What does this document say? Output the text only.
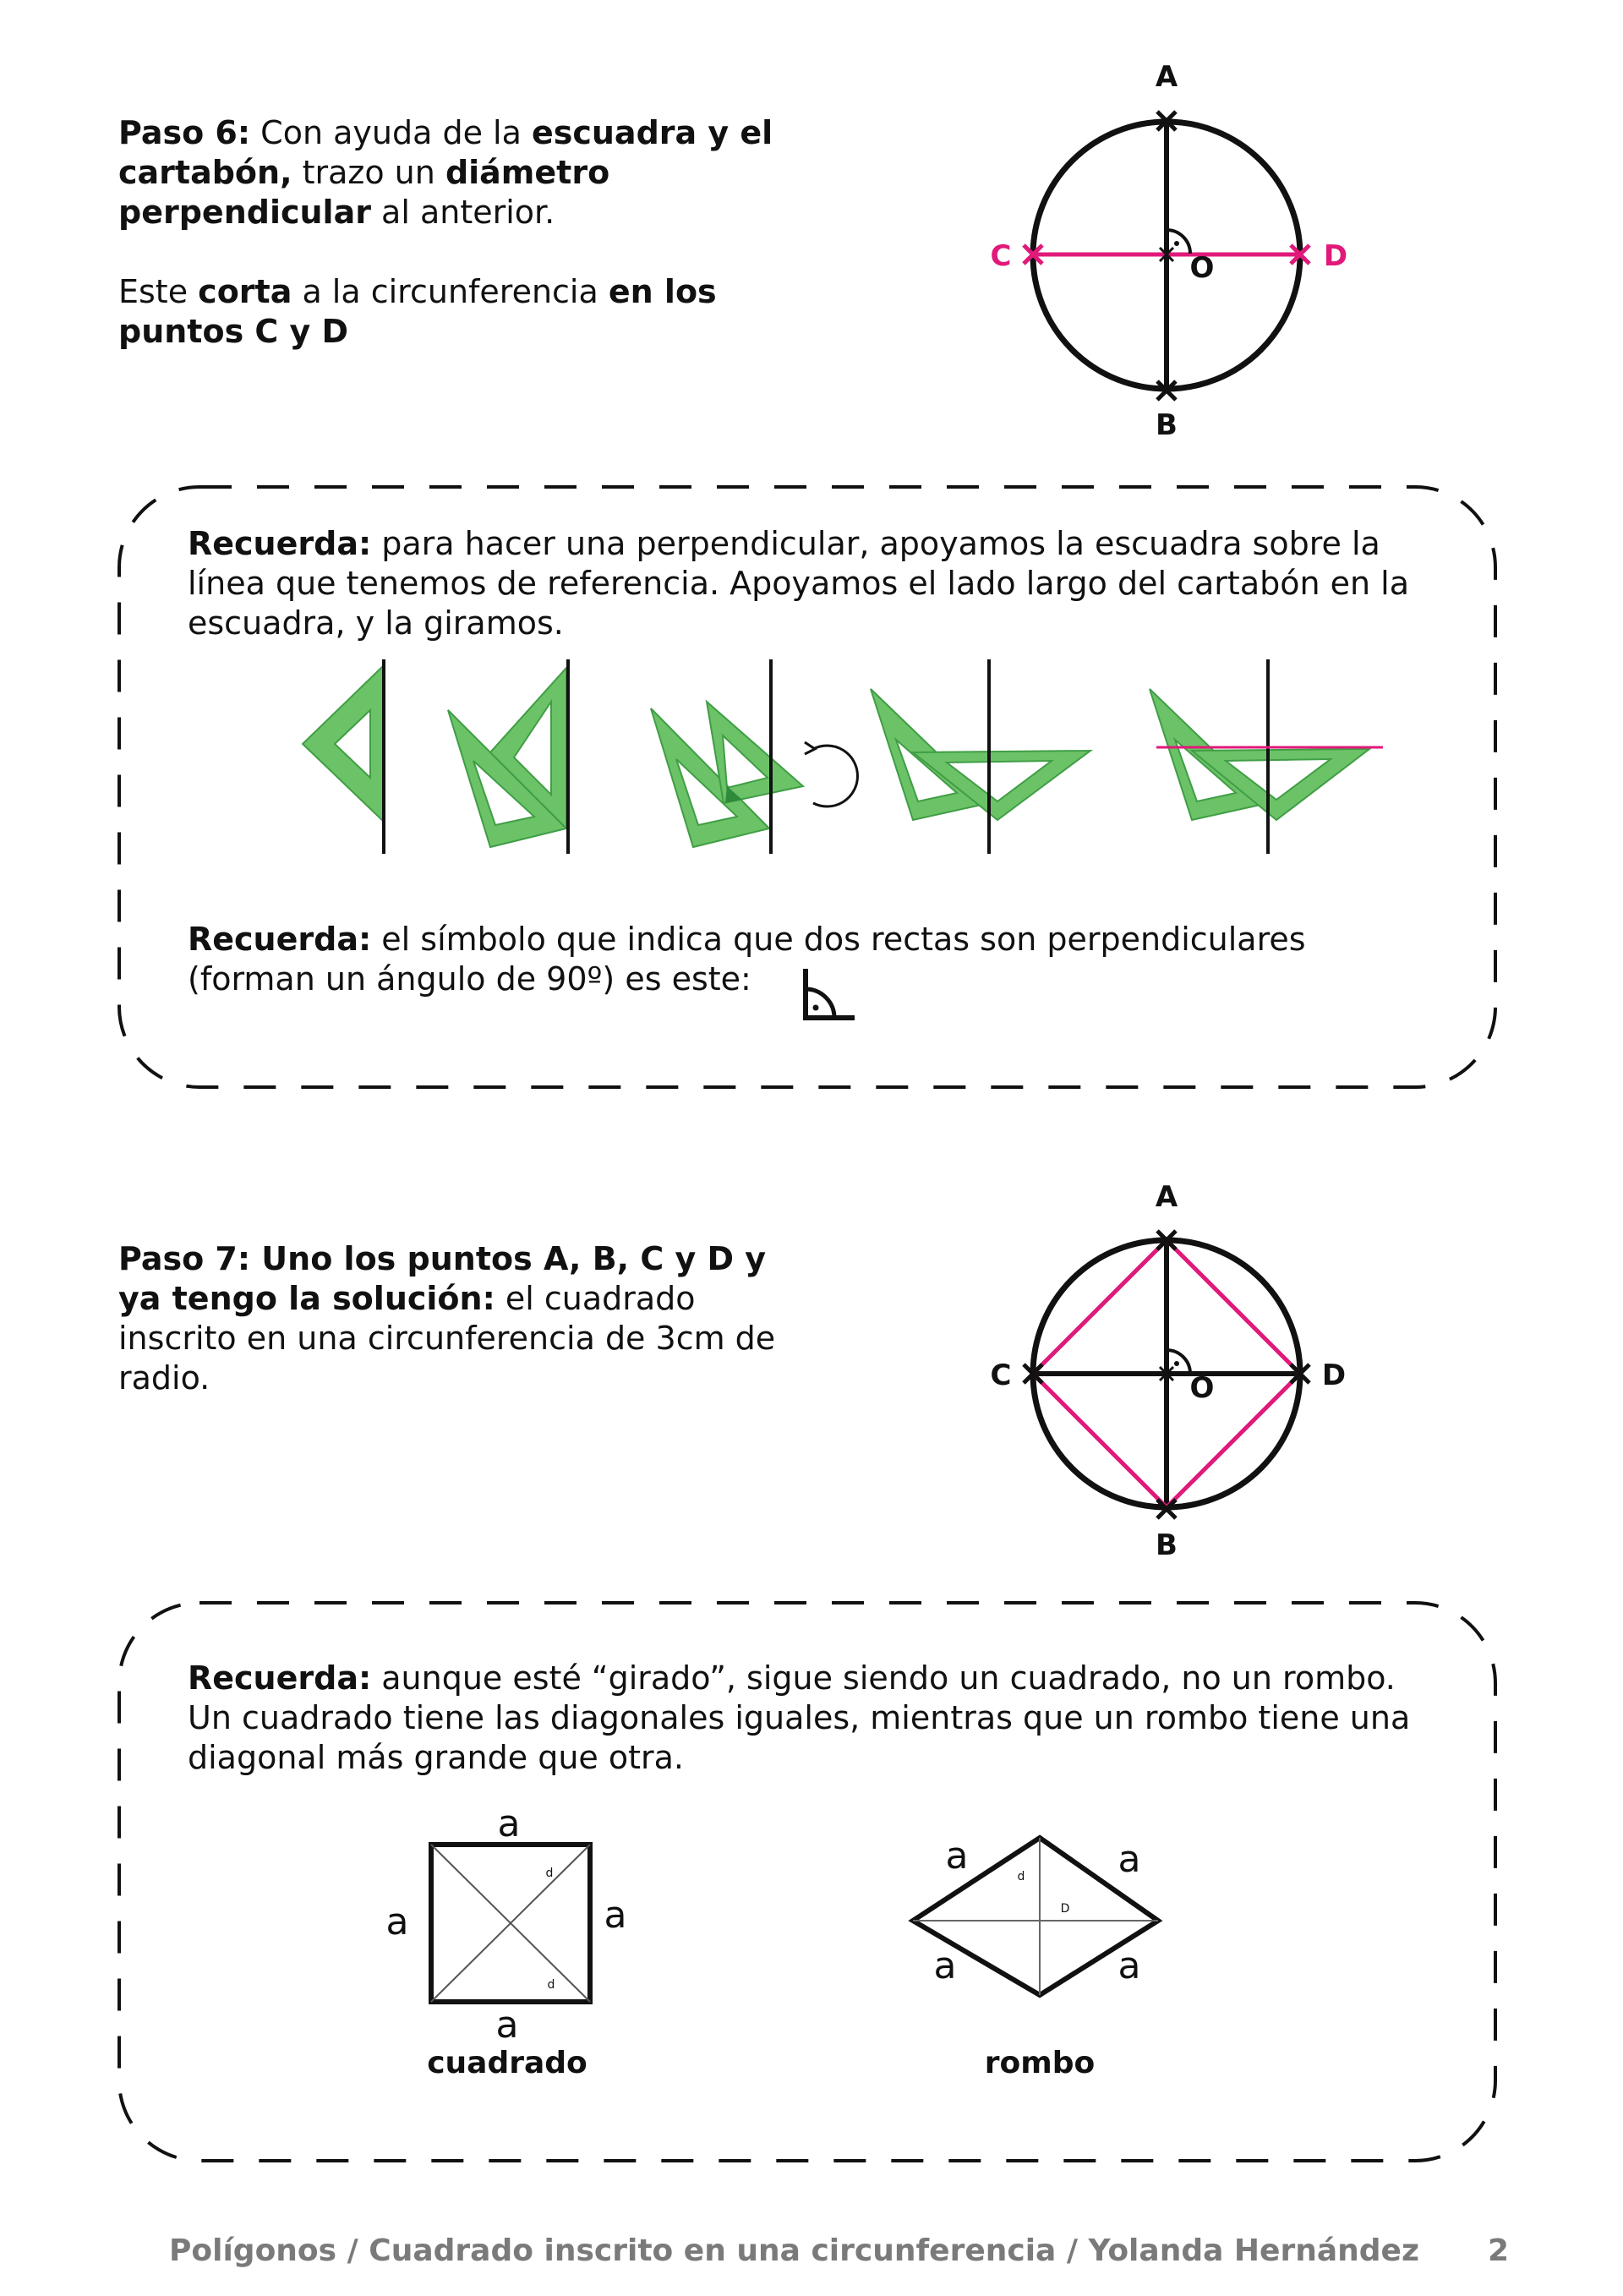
Paso 6: Con ayuda de la escuadra y el cartabón, trazo un diámetro perpendicular al anterior.

Este corta a la circunferencia en los puntos C y D

A
B
C	D
O

Recuerda: para hacer una perpendicular, apoyamos la escuadra sobre la línea que tenemos de referencia. Apoyamos el lado largo del cartabón en la escuadra, y la giramos.

Recuerda: el símbolo que indica que dos rectas son perpendiculares (forman un ángulo de 90º) es este:

Paso 7: Uno los puntos A, B, C y D y ya tengo la solución: el cuadrado inscrito en una circunferencia de 3cm de radio.

A
B
C	D
O

Recuerda: aunque esté “girado”, sigue siendo un cuadrado, no un rombo. Un cuadrado tiene las diagonales iguales, mientras que un rombo tiene una diagonal más grande que otra.

a
a
a	a
d
d
cuadrado
a	a
a	a
d
D
rombo
Polígonos / Cuadrado inscrito en una circunferencia / Yolanda Hernández 2
